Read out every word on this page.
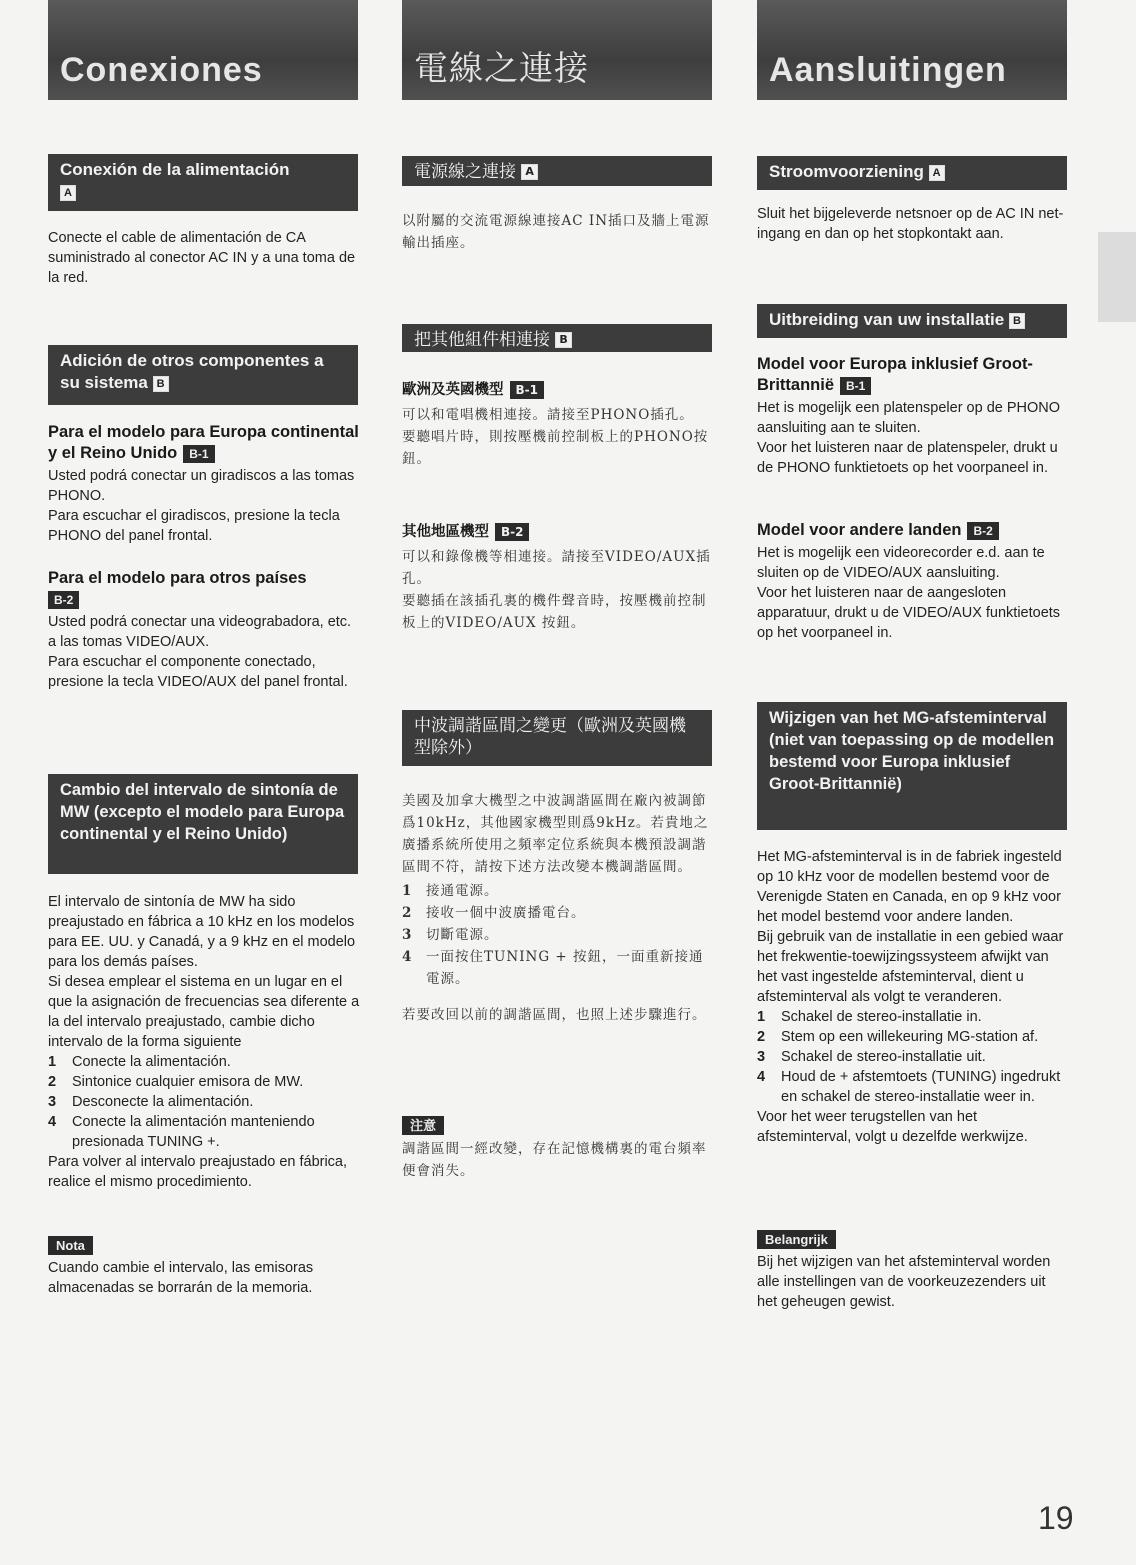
Conexiones
Conexión de la alimentación
A
Conecte el cable de alimentación de CA suministrado al conector AC IN y a una toma de la red.
Adición de otros componentes a su sistema B
Para el modelo para Europa continental y el Reino Unido B-1
Usted podrá conectar un giradiscos a las tomas PHONO.
Para escuchar el giradiscos, presione la tecla PHONO del panel frontal.
Para el modelo para otros países
B-2
Usted podrá conectar una videograbadora, etc. a las tomas VIDEO/AUX.
Para escuchar el componente conectado, presione la tecla VIDEO/AUX del panel frontal.
Cambio del intervalo de sintonía de MW (excepto el modelo para Europa continental y el Reino Unido)
El intervalo de sintonía de MW ha sido preajustado en fábrica a 10 kHz en los modelos para EE. UU. y Canadá, y a 9 kHz en el modelo para los demás países.
Si desea emplear el sistema en un lugar en el que la asignación de frecuencias sea diferente a la del intervalo preajustado, cambie dicho intervalo de la forma siguiente
1 Conecte la alimentación.
2 Sintonice cualquier emisora de MW.
3 Desconecte la alimentación.
4 Conecte la alimentación manteniendo presionada TUNING +.
Para volver al intervalo preajustado en fábrica, realice el mismo procedimiento.
Nota
Cuando cambie el intervalo, las emisoras almacenadas se borrarán de la memoria.
電線之連接
電源線之連接 A
以附屬的交流電源線連接AC IN插口及牆上電源輸出插座。
把其他組件相連接 B
歐洲及英國機型 B-1
可以和電唱機相連接。請接至PHONO插孔。
要聽唱片時，則按壓機前控制板上的PHONO按鈕。
其他地區機型 B-2
可以和錄像機等相連接。請接至VIDEO/AUX插孔。
要聽插在該插孔裏的機件聲音時，按壓機前控制板上的VIDEO/AUX 按鈕。
中波調諧區間之變更（歐洲及英國機型除外）
美國及加拿大機型之中波調諧區間在廠內被調節爲10kHz，其他國家機型則爲9kHz。若貴地之廣播系統所使用之頻率定位系統與本機預設調諧區間不符，請按下述方法改變本機調諧區間。
1 接通電源。
2 接收一個中波廣播電台。
3 切斷電源。
4 一面按住TUNING + 按鈕，一面重新接通電源。
若要改回以前的調諧區間，也照上述步驟進行。
注意
調諧區間一經改變，存在記憶機構裏的電台頻率便會消失。
Aansluitingen
Stroomvoorziening A
Sluit het bijgeleverde netsnoer op de AC IN net-ingang en dan op het stopkontakt aan.
Uitbreiding van uw installatie B
Model voor Europa inklusief Groot-Brittannië B-1
Het is mogelijk een platenspeler op de PHONO aansluiting aan te sluiten.
Voor het luisteren naar de platenspeler, drukt u de PHONO funktietoets op het voorpaneel in.
Model voor andere landen B-2
Het is mogelijk een videorecorder e.d. aan te sluiten op de VIDEO/AUX aansluiting.
Voor het luisteren naar de aangesloten apparatuur, drukt u de VIDEO/AUX funktietoets op het voorpaneel in.
Wijzigen van het MG-afsteminterval (niet van toepassing op de modellen bestemd voor Europa inklusief Groot-Brittannië)
Het MG-afsteminterval is in de fabriek ingesteld op 10 kHz voor de modellen bestemd voor de Verenigde Staten en Canada, en op 9 kHz voor het model bestemd voor andere landen.
Bij gebruik van de installatie in een gebied waar het frekwentie-toewijzingssysteem afwijkt van het vast ingestelde afsteminterval, dient u afsteminterval als volgt te veranderen.
1 Schakel de stereo-installatie in.
2 Stem op een willekeuring MG-station af.
3 Schakel de stereo-installatie uit.
4 Houd de + afstemtoets (TUNING) ingedrukt en schakel de stereo-installatie weer in.
Voor het weer terugstellen van het afsteminterval, volgt u dezelfde werkwijze.
Belangrijk
Bij het wijzigen van het afsteminterval worden alle instellingen van de voorkeuzezenders uit het geheugen gewist.
19
